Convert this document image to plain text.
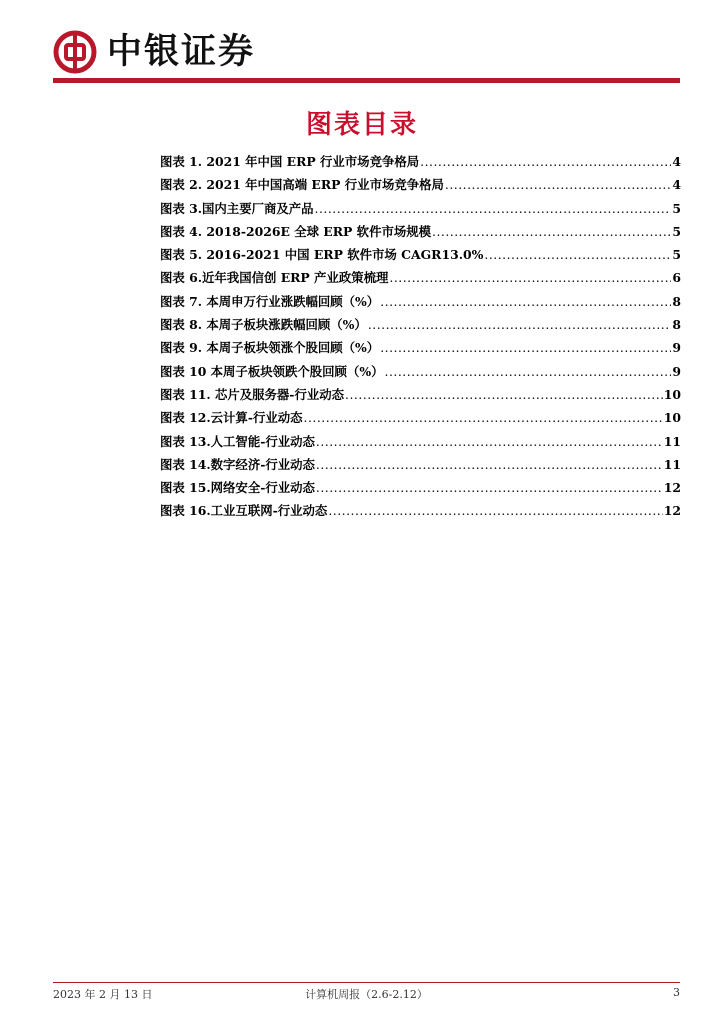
中银证券
图表目录
图表 1. 2021 年中国 ERP 行业市场竞争格局 .....	4
图表 2. 2021 年中国高端 ERP 行业市场竞争格局 .....	4
图表 3.国内主要厂商及产品 .....	5
图表 4. 2018-2026E 全球 ERP 软件市场规模 .....	5
图表 5. 2016-2021 中国 ERP 软件市场 CAGR13.0% .....	5
图表 6.近年我国信创 ERP 产业政策梳理 .....	6
图表 7. 本周申万行业涨跌幅回顾（%） .....	8
图表 8. 本周子板块涨跌幅回顾（%） .....	8
图表 9. 本周子板块领涨个股回顾（%） .....	9
图表 10 本周子板块领跌个股回顾（%） .....	9
图表 11. 芯片及服务器-行业动态 .....	10
图表 12.云计算-行业动态 .....	10
图表 13.人工智能-行业动态 .....	11
图表 14.数字经济-行业动态 .....	11
图表 15.网络安全-行业动态 .....	12
图表 16.工业互联网-行业动态 .....	12
2023 年 2 月 13 日	计算机周报（2.6-2.12）	3
